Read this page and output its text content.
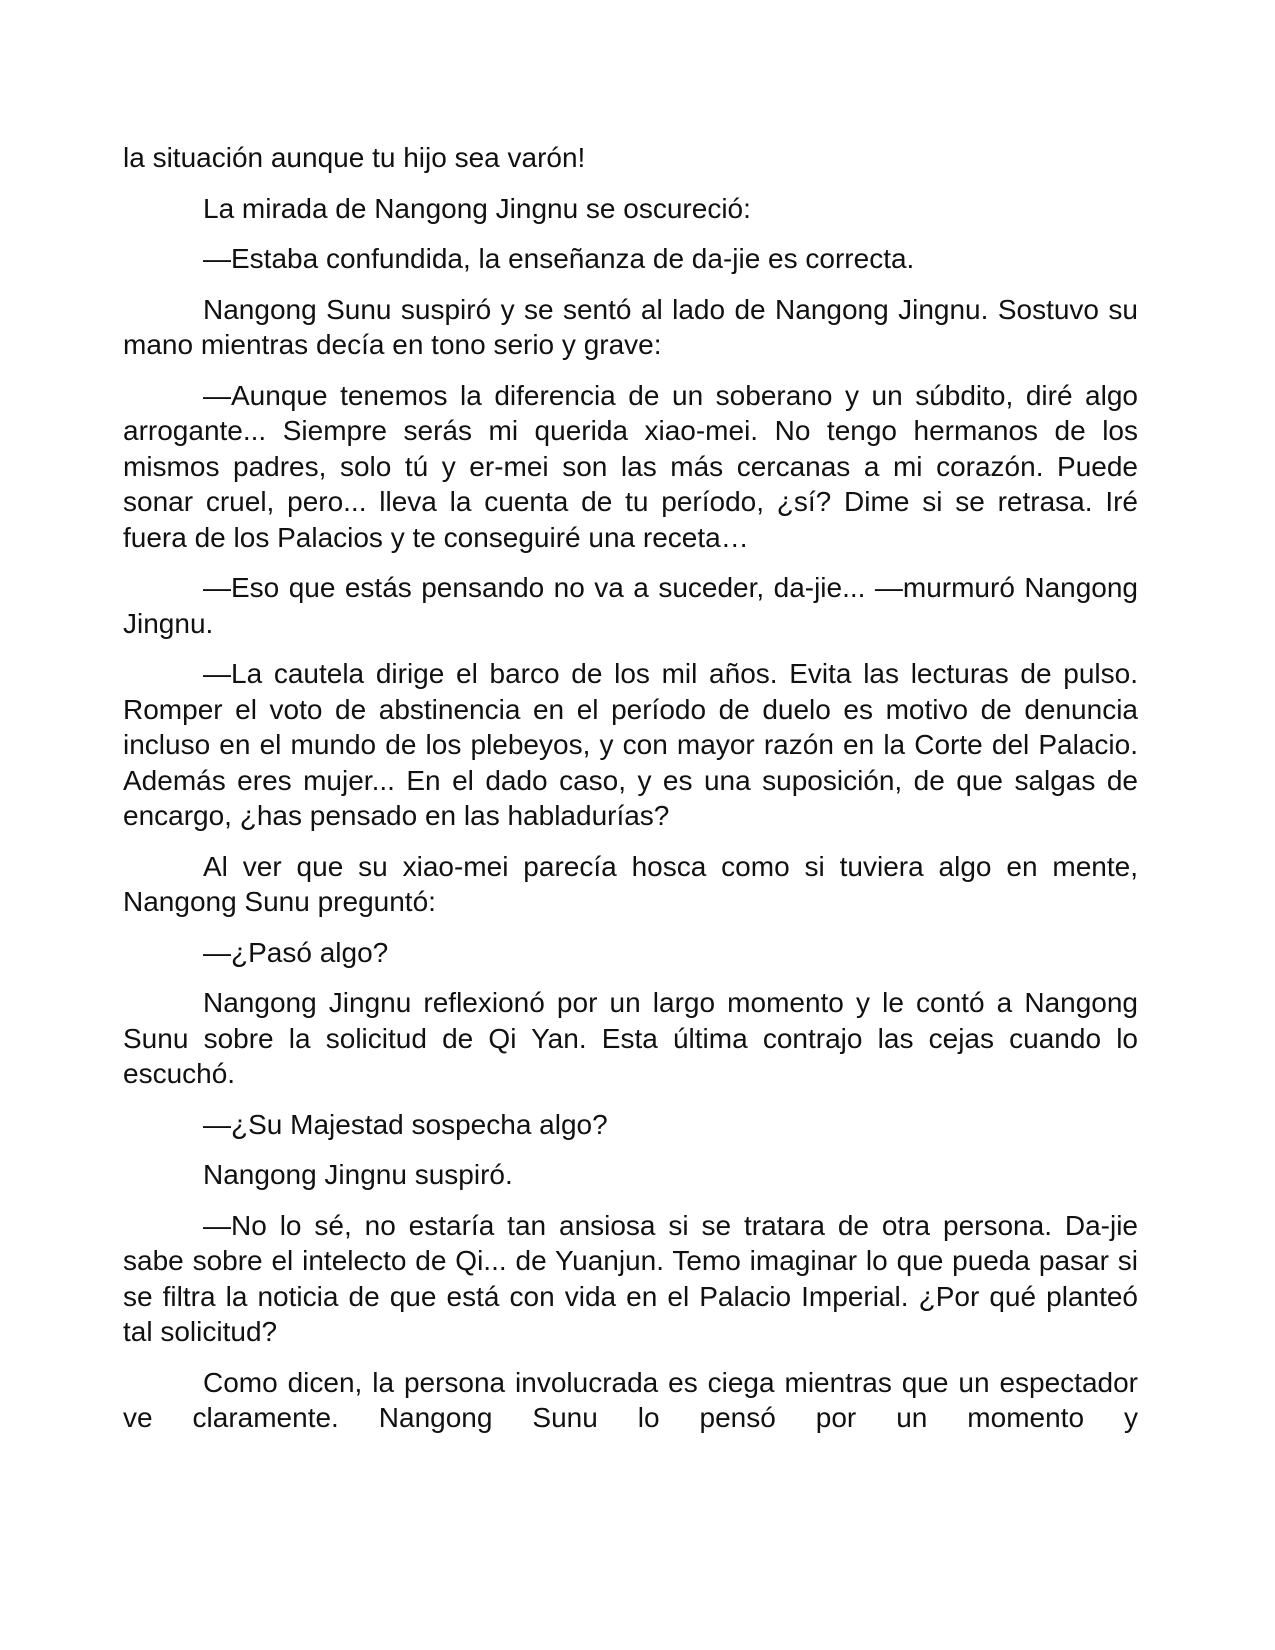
la situación aunque tu hijo sea varón!

La mirada de Nangong Jingnu se oscureció:

—Estaba confundida, la enseñanza de da-jie es correcta.

Nangong Sunu suspiró y se sentó al lado de Nangong Jingnu. Sostuvo su mano mientras decía en tono serio y grave:

—Aunque tenemos la diferencia de un soberano y un súbdito, diré algo arrogante... Siempre serás mi querida xiao-mei. No tengo hermanos de los mismos padres, solo tú y er-mei son las más cercanas a mi corazón. Puede sonar cruel, pero... lleva la cuenta de tu período, ¿sí? Dime si se retrasa. Iré fuera de los Palacios y te conseguiré una receta…

—Eso que estás pensando no va a suceder, da-jie... —murmuró Nangong Jingnu.

—La cautela dirige el barco de los mil años. Evita las lecturas de pulso. Romper el voto de abstinencia en el período de duelo es motivo de denuncia incluso en el mundo de los plebeyos, y con mayor razón en la Corte del Palacio. Además eres mujer... En el dado caso, y es una suposición, de que salgas de encargo, ¿has pensado en las habladurías?

Al ver que su xiao-mei parecía hosca como si tuviera algo en mente, Nangong Sunu preguntó:

—¿Pasó algo?

Nangong Jingnu reflexionó por un largo momento y le contó a Nangong Sunu sobre la solicitud de Qi Yan. Esta última contrajo las cejas cuando lo escuchó.

—¿Su Majestad sospecha algo?

Nangong Jingnu suspiró.

—No lo sé, no estaría tan ansiosa si se tratara de otra persona. Da-jie sabe sobre el intelecto de Qi... de Yuanjun. Temo imaginar lo que pueda pasar si se filtra la noticia de que está con vida en el Palacio Imperial. ¿Por qué planteó tal solicitud?

Como dicen, la persona involucrada es ciega mientras que un espectador ve claramente. Nangong Sunu lo pensó por un momento y
